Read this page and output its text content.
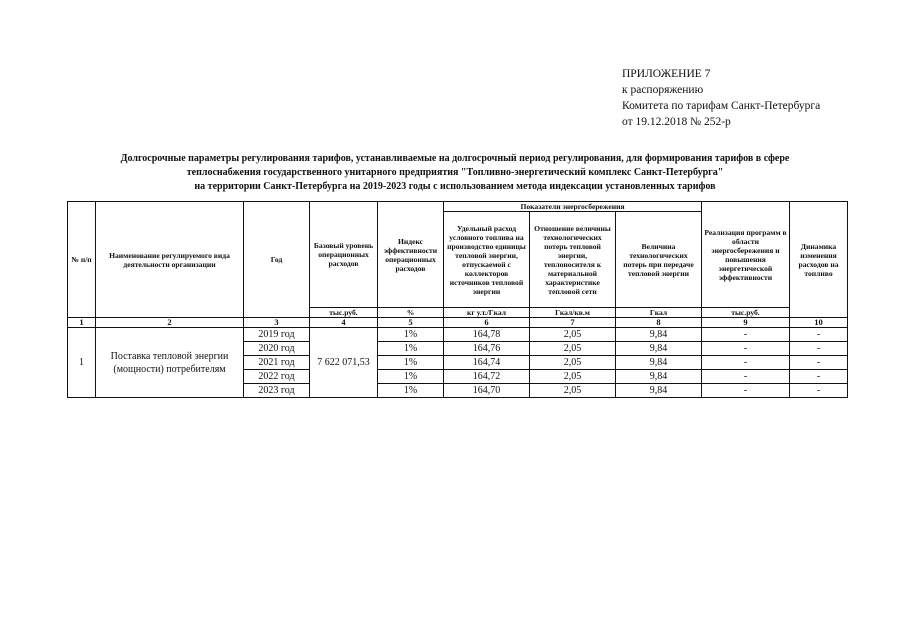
ПРИЛОЖЕНИЕ 7
к распоряжению
Комитета по тарифам Санкт-Петербурга
от 19.12.2018 № 252-р
Долгосрочные параметры регулирования тарифов, устанавливаемые на долгосрочный период регулирования, для формирования тарифов в сфере
теплоснабжения государственного унитарного предприятия "Топливно-энергетический комплекс Санкт-Петербурга"
на территории Санкт-Петербурга на 2019-2023 годы с использованием метода индексации установленных тарифов
№ п/п	Наименование регулируемого вида деятельности организации	Год	Базовый уровень операционных расходов	Индекс эффективности операционных расходов	Показатели энергосбережения			Реализация программ в области энергосбережения и повышения энергетической эффективности	Динамика изменения расходов на топливо
					Удельный расход условного топлива на производство единицы тепловой энергии, отпускаемой с коллекторов источников тепловой энергии	Отношение величины технологических потерь тепловой энергии, теплоносителя к материальной характеристике тепловой сети	Величина технологических потерь при передаче тепловой энергии		
			тыс.руб.	%	кг у.т./Гкал	Гкал/кв.м	Гкал	тыс.руб.	
1	2	3	4	5	6	7	8	9	10
1	Поставка тепловой энергии (мощности) потребителям	2019 год	7 622 071,53	1%	164,78	2,05	9,84	-	-
		2020 год		1%	164,76	2,05	9,84	-	-
		2021 год		1%	164,74	2,05	9,84	-	-
		2022 год		1%	164,72	2,05	9,84	-	-
		2023 год		1%	164,70	2,05	9,84	-	-
